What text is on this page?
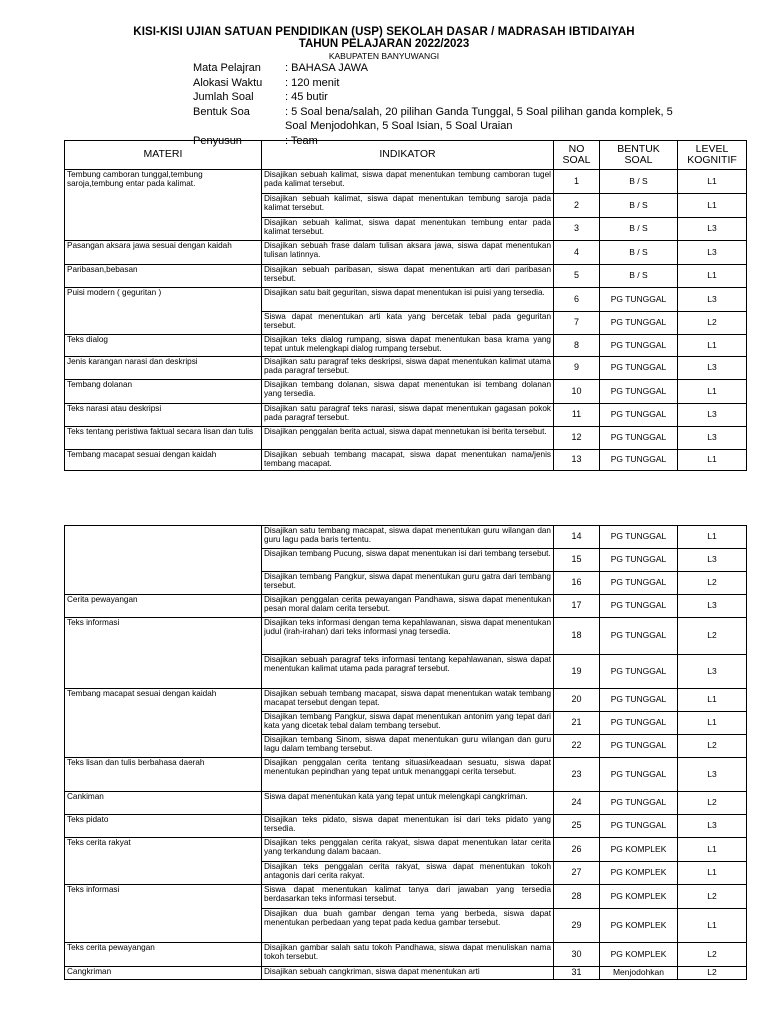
KISI-KISI UJIAN SATUAN PENDIDIKAN (USP) SEKOLAH DASAR / MADRASAH IBTIDAIYAH
TAHUN PELAJARAN 2022/2023
KABUPATEN BANYUWANGI
Mata Pelajran	: BAHASA JAWA
Alokasi Waktu	: 120 menit
Jumlah Soal	: 45 butir
Bentuk Soa	: 5 Soal bena/salah, 20 pilihan Ganda Tunggal, 5 Soal pilihan ganda komplek, 5
Soal Menjodohkan, 5 Soal Isian, 5 Soal Uraian
Penyusun	: Team
MATERI	INDIKATOR	NO SOAL	BENTUK SOAL	LEVEL KOGNITIF
Tembung camboran tunggal,tembung saroja,tembung entar pada kalimat.	Disajikan sebuah kalimat, siswa dapat menentukan tembung camboran tugel pada kalimat tersebut.	1	B / S	L1
	Disajikan sebuah kalimat, siswa dapat menentukan tembung saroja pada kalimat tersebut.	2	B / S	L1
	Disajikan sebuah kalimat, siswa dapat menentukan tembung entar pada kalimat tersebut.	3	B / S	L3
Pasangan aksara jawa sesuai dengan kaidah	Disajikan sebuah frase dalam tulisan aksara jawa, siswa dapat menentukan tulisan latinnya.	4	B / S	L3
Paribasan,bebasan	Disajikan sebuah paribasan, siswa dapat menentukan arti dari paribasan tersebut.	5	B / S	L1
Puisi modern ( geguritan )	Disajikan satu bait geguritan, siswa dapat menentukan isi puisi yang tersedia.	6	PG TUNGGAL	L3
	Siswa dapat menentukan arti kata yang bercetak tebal pada geguritan tersebut.	7	PG TUNGGAL	L2
Teks dialog	Disajikan teks dialog rumpang, siswa dapat menentukan basa krama yang tepat untuk melengkapi dialog rumpang tersebut.	8	PG TUNGGAL	L1
Jenis karangan narasi dan deskripsi	Disajikan satu paragraf teks deskripsi, siswa dapat menentukan kalimat utama pada paragraf tersebut.	9	PG TUNGGAL	L3
Tembang dolanan	Disajikan tembang dolanan, siswa dapat menentukan isi tembang dolanan yang tersedia.	10	PG TUNGGAL	L1
Teks narasi atau deskripsi	Disajikan satu paragraf teks narasi, siswa dapat menentukan gagasan pokok pada paragraf tersebut.	11	PG TUNGGAL	L3
Teks tentang peristiwa faktual secara lisan dan tulis	Disajikan penggalan berita actual, siswa dapat mennetukan isi berita tersebut.	12	PG TUNGGAL	L3
Tembang macapat sesuai dengan kaidah	Disajikan sebuah tembang macapat, siswa dapat menentukan nama/jenis tembang macapat.	13	PG TUNGGAL	L1
	Disajikan satu tembang macapat, siswa dapat menentukan guru wilangan dan guru lagu pada baris tertentu.	14	PG TUNGGAL	L1
	Disajikan tembang Pucung, siswa dapat menentukan isi dari tembang tersebut.	15	PG TUNGGAL	L3
	Disajikan tembang Pangkur, siswa dapat menentukan guru gatra dari tembang tersebut.	16	PG TUNGGAL	L2
Cerita pewayangan	Disajikan penggalan cerita pewayangan Pandhawa, siswa dapat menentukan pesan moral dalam cerita tersebut.	17	PG TUNGGAL	L3
Teks informasi	Disajikan teks informasi dengan tema kepahlawanan, siswa dapat menentukan judul (irah-irahan) dari teks informasi ynag tersedia.	18	PG TUNGGAL	L2
	Disajikan sebuah paragraf teks informasi tentang kepahlawanan, siswa dapat menentukan kalimat utama pada paragraf tersebut.	19	PG TUNGGAL	L3
Tembang macapat sesuai dengan kaidah	Disajikan sebuah tembang macapat, siswa dapat menentukan watak tembang macapat tersebut dengan tepat.	20	PG TUNGGAL	L1
	Disajikan tembang Pangkur, siswa dapat menentukan antonim yang tepat dari kata yang dicetak tebal dalam tembang tersebut.	21	PG TUNGGAL	L1
	Disajikan tembang Sinom, siswa dapat menentukan guru wilangan dan guru lagu dalam tembang tersebut.	22	PG TUNGGAL	L2
Teks lisan dan tulis berbahasa daerah	Disajikan penggalan cerita tentang situasi/keadaan sesuatu, siswa dapat menentukan pepindhan yang tepat untuk menanggapi cerita tersebut.	23	PG TUNGGAL	L3
Cankiman	Siswa dapat menentukan kata yang tepat untuk melengkapi cangkriman.	24	PG TUNGGAL	L2
Teks pidato	Disajikan teks pidato, siswa dapat menentukan isi dari teks pidato yang tersedia.	25	PG TUNGGAL	L3
Teks cerita rakyat	Disajikan teks penggalan cerita rakyat, siswa dapat menentukan latar cerita yang terkandung dalam bacaan.	26	PG KOMPLEK	L1
	Disajikan teks penggalan cerita rakyat, siswa dapat menentukan tokoh antagonis dari cerita rakyat.	27	PG KOMPLEK	L1
Teks informasi	Siswa dapat menentukan kalimat tanya dari jawaban yang tersedia berdasarkan teks informasi tersebut.	28	PG KOMPLEK	L2
	Disajikan dua buah gambar dengan tema yang berbeda, siswa dapat menentukan perbedaan yang tepat pada kedua gambar tersebut.	29	PG KOMPLEK	L1
Teks cerita pewayangan	Disajikan gambar salah satu tokoh Pandhawa, siswa dapat menuliskan nama tokoh tersebut.	30	PG KOMPLEK	L2
Cangkriman	Disajikan sebuah cangkriman, siswa dapat menentukan arti	31	Menjodohkan	L2
